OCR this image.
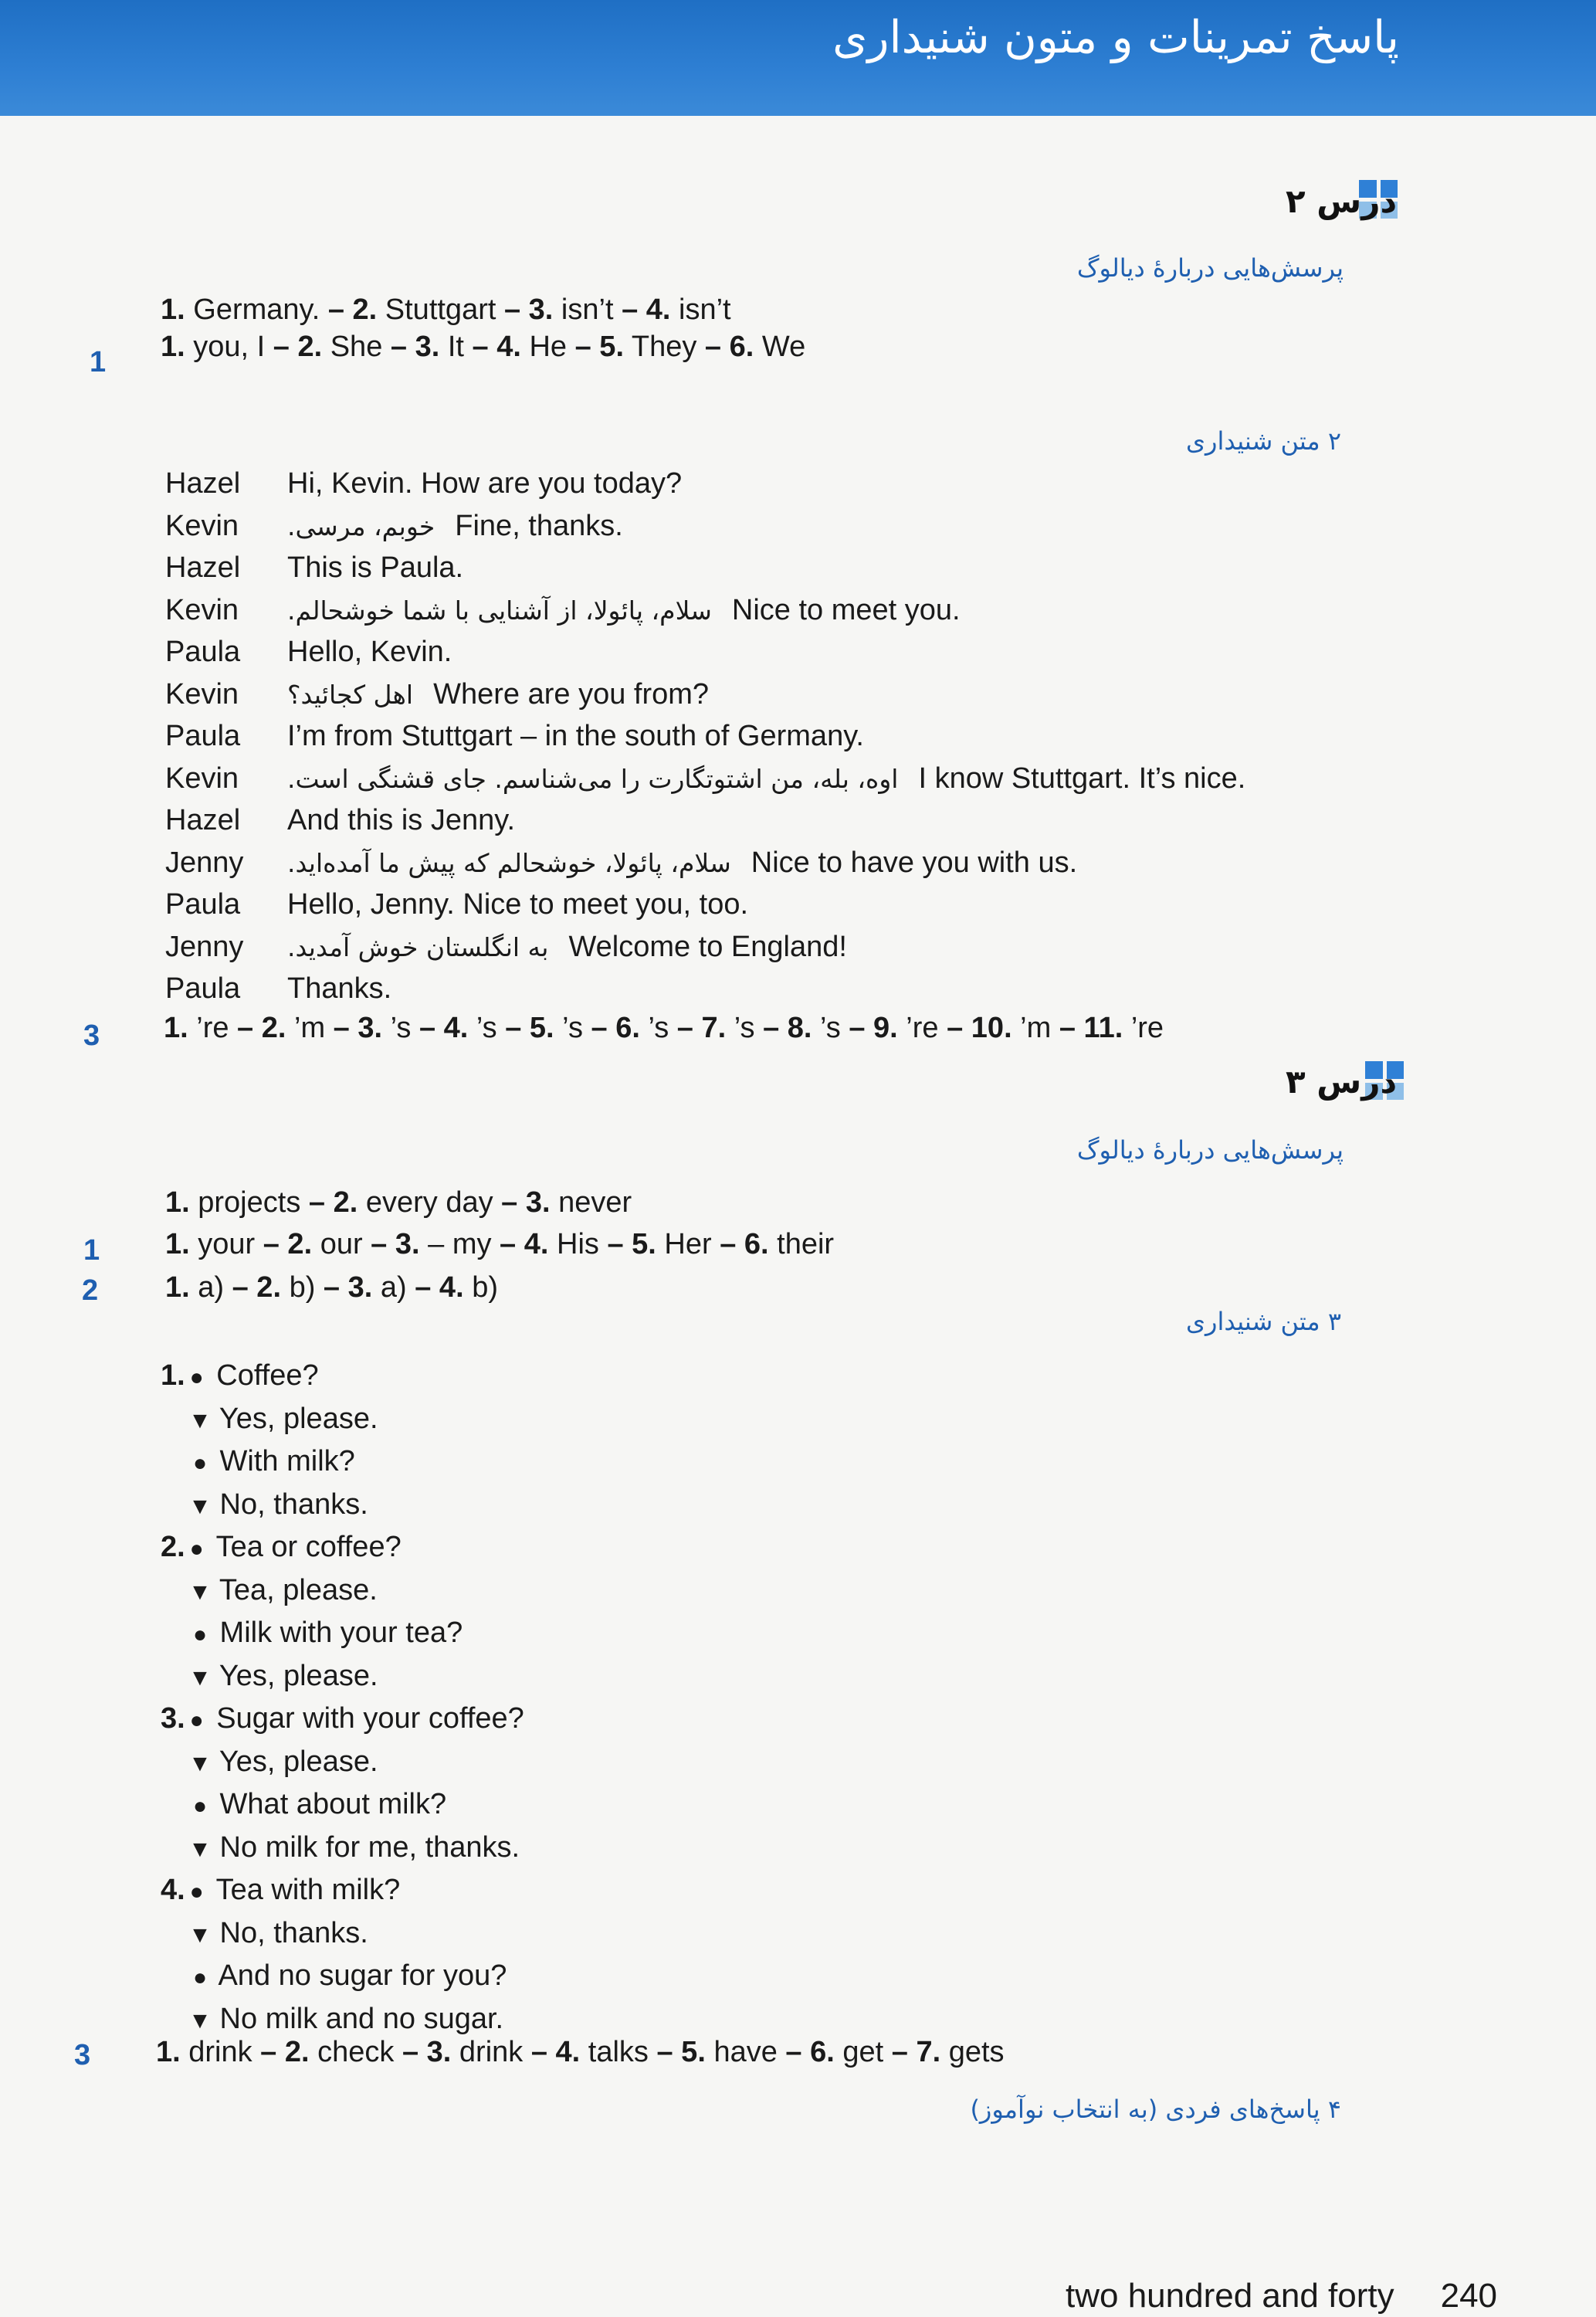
پاسخ تمرینات و متون شنیداری
درس ۲
پرسش‌هایی دربارهٔ دیالوگ
1. Germany. – 2. Stuttgart – 3. isn’t – 4. isn’t
1 1. you, I – 2. She – 3. It – 4. He – 5. They – 6. We
۲ متن شنیداری
Hazel Hi, Kevin. How are you today?
Kevin خوبم، مرسی. Fine, thanks.
Hazel This is Paula.
Kevin سلام، پائولا، از آشنایی با شما خوشحالم. Nice to meet you.
Paula Hello, Kevin.
Kevin اهل کجائید؟ Where are you from?
Paula I’m from Stuttgart – in the south of Germany.
Kevin اوه، بله، من اشتوتگارت را می‌شناسم. جای قشنگی است. I know Stuttgart. It’s nice.
Hazel And this is Jenny.
Jenny سلام، پائولا، خوشحالم که پیش ما آمده‌اید. Nice to have you with us.
Paula Hello, Jenny. Nice to meet you, too.
Jenny به انگلستان خوش آمدید. Welcome to England!
Paula Thanks.
3 1. ’re – 2. ’m – 3. ’s – 4. ’s – 5. ’s – 6. ’s – 7. ’s – 8. ’s – 9. ’re – 10. ’m – 11. ’re
درس ۳
پرسش‌هایی دربارهٔ دیالوگ
1. projects – 2. every day – 3. never
1 1. your – 2. our – 3. – my – 4. His – 5. Her – 6. their
2 1. a) – 2. b) – 3. a) – 4. b)
۳ متن شنیداری
1. ● Coffee?
▼ Yes, please.
● With milk?
▼ No, thanks.
2. ● Tea or coffee?
▼ Tea, please.
● Milk with your tea?
▼ Yes, please.
3. ● Sugar with your coffee?
▼ Yes, please.
● What about milk?
▼ No milk for me, thanks.
4. ● Tea with milk?
▼ No, thanks.
● And no sugar for you?
▼ No milk and no sugar.
3 1. drink – 2. check – 3. drink – 4. talks – 5. have – 6. get – 7. gets
۴ پاسخ‌های فردی (به انتخاب نوآموز)
two hundred and forty 240
